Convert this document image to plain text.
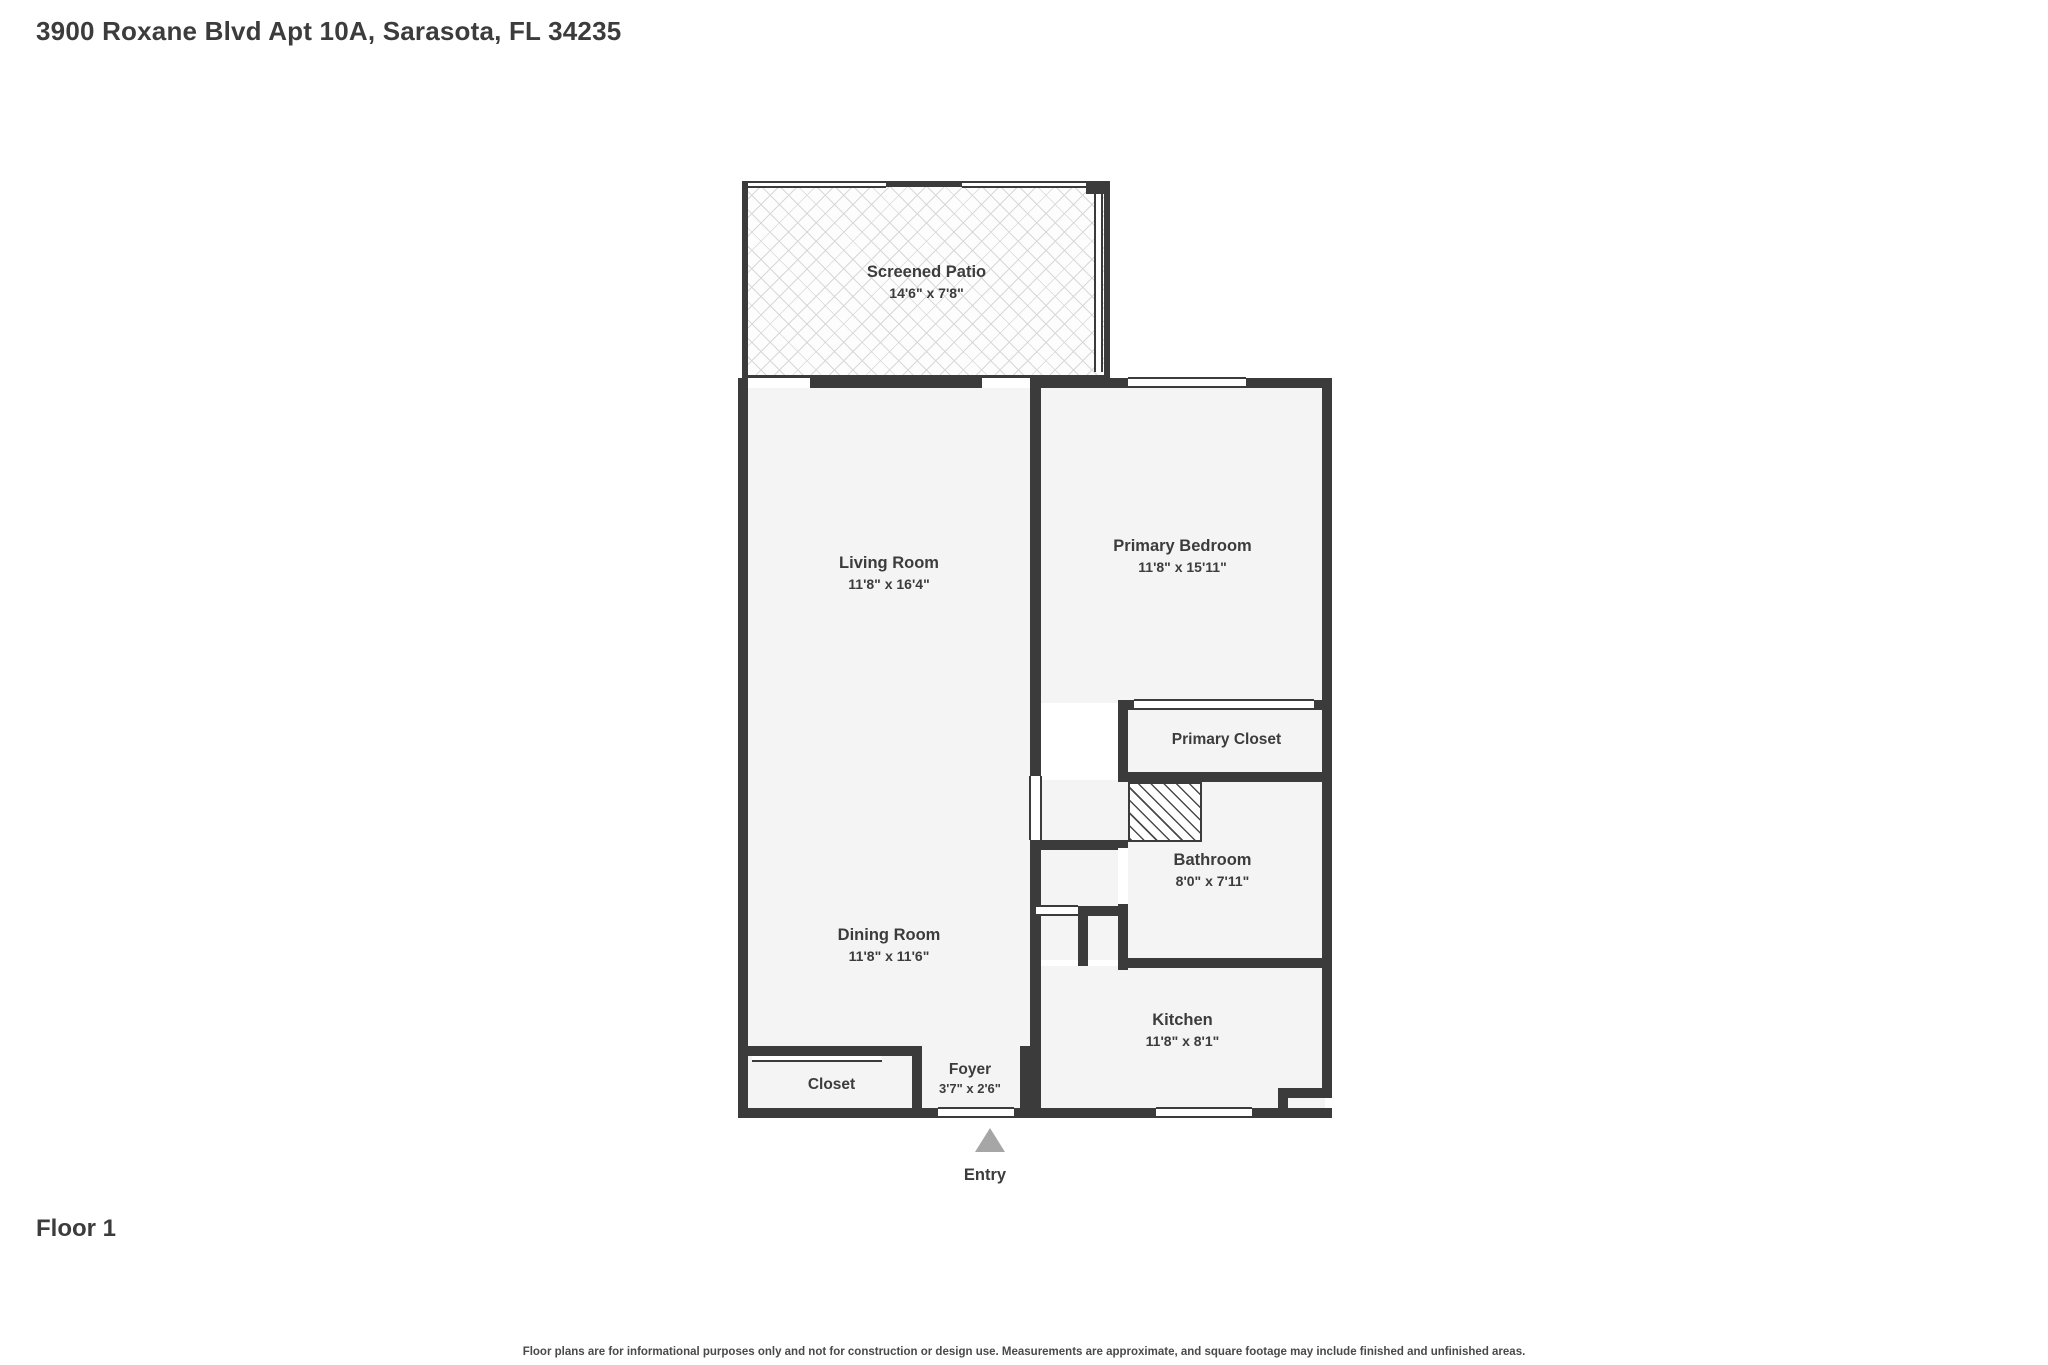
3900 Roxane Blvd Apt 10A, Sarasota, FL 34235
Screened Patio
14'6" x 7'8"
Living Room
11'8" x 16'4"
Primary Bedroom
11'8" x 15'11"
Primary Closet
Bathroom
8'0" x 7'11"
Dining Room
11'8" x 11'6"
Kitchen
11'8" x 8'1"
Closet
Foyer
3'7" x 2'6"
Entry
Floor 1
Floor plans are for informational purposes only and not for construction or design use. Measurements are approximate, and square footage may include finished and unfinished areas.
